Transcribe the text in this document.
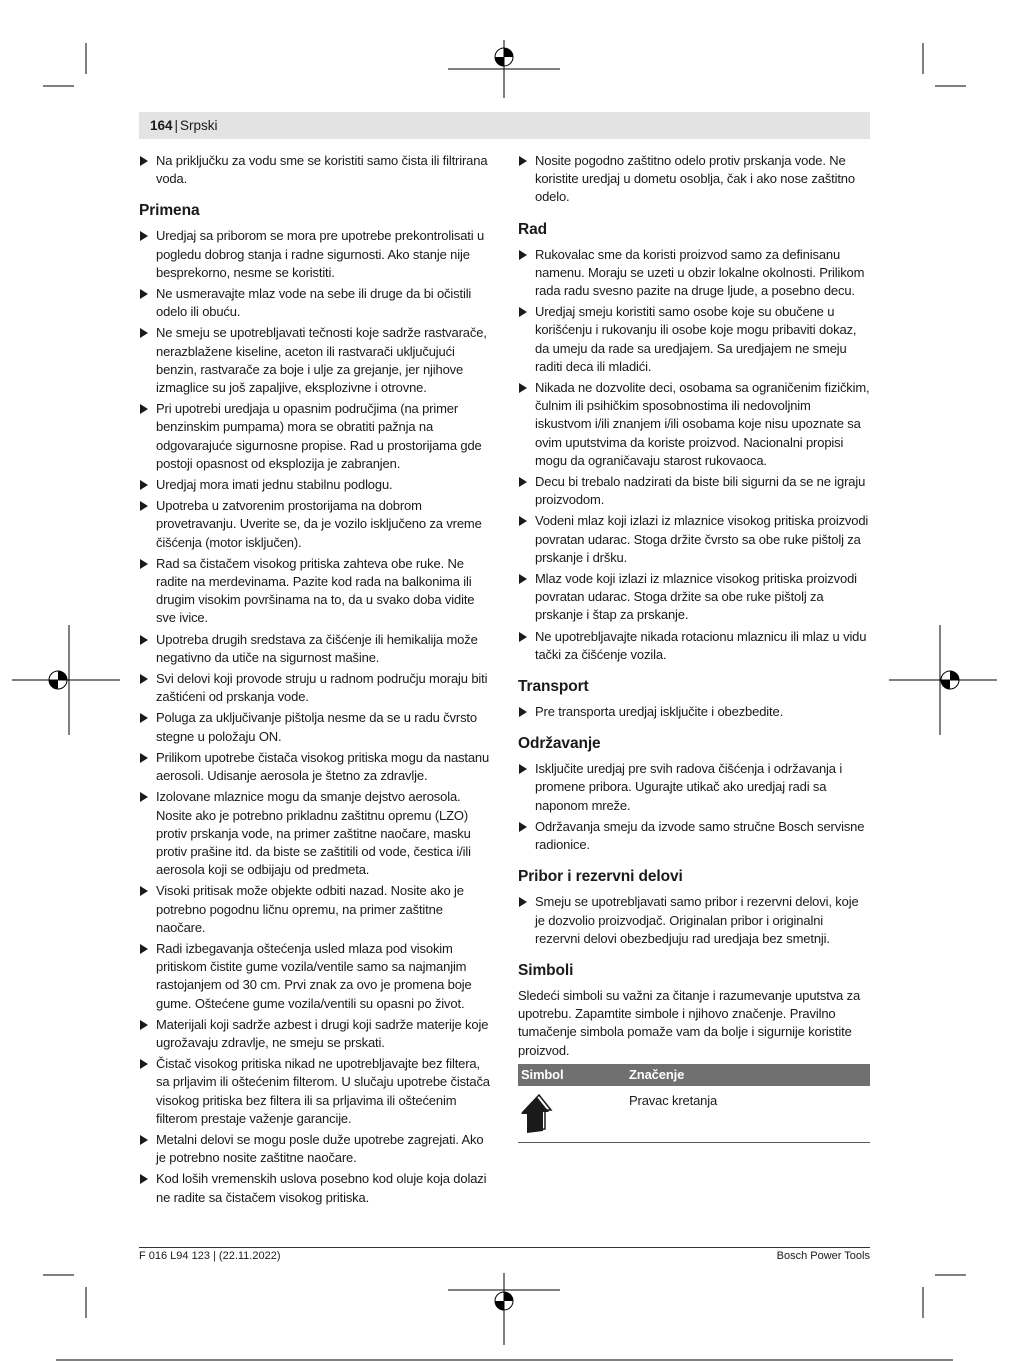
164 | Srpski
Na priključku za vodu sme se koristiti samo čista ili filtrirana voda.
Primena
Uredjaj sa priborom se mora pre upotrebe prekontrolisati u pogledu dobrog stanja i radne sigurnosti. Ako stanje nije besprekorno, nesme se koristiti.
Ne usmeravajte mlaz vode na sebe ili druge da bi očistili odelo ili obuću.
Ne smeju se upotrebljavati tečnosti koje sadrže rastvarače, nerazblažene kiseline, aceton ili rastvarači uključujući benzin, rastvarače za boje i ulje za grejanje, jer njihove izmaglice su još zapaljive, eksplozivne i otrovne.
Pri upotrebi uredjaja u opasnim područjima (na primer benzinskim pumpama) mora se obratiti pažnja na odgovarajuće sigurnosne propise. Rad u prostorijama gde postoji opasnost od eksplozija je zabranjen.
Uredjaj mora imati jednu stabilnu podlogu.
Upotreba u zatvorenim prostorijama na dobrom provetravanju. Uverite se, da je vozilo isključeno za vreme čišćenja (motor isključen).
Rad sa čistačem visokog pritiska zahteva obe ruke. Ne radite na merdevinama. Pazite kod rada na balkonima ili drugim visokim površinama na to, da u svako doba vidite sve ivice.
Upotreba drugih sredstava za čišćenje ili hemikalija može negativno da utiče na sigurnost mašine.
Svi delovi koji provode struju u radnom području moraju biti zaštićeni od prskanja vode.
Poluga za uključivanje pištolja nesme da se u radu čvrsto stegne u položaju ON.
Prilikom upotrebe čistača visokog pritiska mogu da nastanu aerosoli. Udisanje aerosola je štetno za zdravlje.
Izolovane mlaznice mogu da smanje dejstvo aerosola. Nosite ako je potrebno prikladnu zaštitnu opremu (LZO) protiv prskanja vode, na primer zaštitne naočare, masku protiv prašine itd. da biste se zaštitili od vode, čestica i/ili aerosola koji se odbijaju od predmeta.
Visoki pritisak može objekte odbiti nazad. Nosite ako je potrebno pogodnu ličnu opremu, na primer zaštitne naočare.
Radi izbegavanja oštećenja usled mlaza pod visokim pritiskom čistite gume vozila/ventile samo sa najmanjim rastojanjem od 30 cm. Prvi znak za ovo je promena boje gume. Oštećene gume vozila/ventili su opasni po život.
Materijali koji sadrže azbest i drugi koji sadrže materije koje ugrožavaju zdravlje, ne smeju se prskati.
Čistač visokog pritiska nikad ne upotrebljavajte bez filtera, sa prljavim ili oštećenim filterom. U slučaju upotrebe čistača visokog pritiska bez filtera ili sa prljavima ili oštećenim filterom prestaje važenje garancije.
Metalni delovi se mogu posle duže upotrebe zagrejati. Ako je potrebno nosite zaštitne naočare.
Kod loših vremenskih uslova posebno kod oluje koja dolazi ne radite sa čistačem visokog pritiska.
Nosite pogodno zaštitno odelo protiv prskanja vode. Ne koristite uredjaj u dometu osoblja, čak i ako nose zaštitno odelo.
Rad
Rukovalac sme da koristi proizvod samo za definisanu namenu. Moraju se uzeti u obzir lokalne okolnosti. Prilikom rada radu svesno pazite na druge ljude, a posebno decu.
Uredjaj smeju koristiti samo osobe koje su obučene u korišćenju i rukovanju ili osobe koje mogu pribaviti dokaz, da umeju da rade sa uredjajem. Sa uredjajem ne smeju raditi deca ili mladići.
Nikada ne dozvolite deci, osobama sa ograničenim fizičkim, čulnim ili psihičkim sposobnostima ili nedovoljnim iskustvom i/ili znanjem i/ili osobama koje nisu upoznate sa ovim uputstvima da koriste proizvod. Nacionalni propisi mogu da ograničavaju starost rukovaoca.
Decu bi trebalo nadzirati da biste bili sigurni da se ne igraju proizvodom.
Vodeni mlaz koji izlazi iz mlaznice visokog pritiska proizvodi povratan udarac. Stoga držite čvrsto sa obe ruke pištolj za prskanje i dršku.
Mlaz vode koji izlazi iz mlaznice visokog pritiska proizvodi povratan udarac. Stoga držite sa obe ruke pištolj za prskanje i štap za prskanje.
Ne upotrebljavajte nikada rotacionu mlaznicu ili mlaz u vidu tački za čišćenje vozila.
Transport
Pre transporta uredjaj isključite i obezbedite.
Održavanje
Isključite uredjaj pre svih radova čišćenja i održavanja i promene pribora. Ugurajte utikač ako uredjaj radi sa naponom mreže.
Održavanja smeju da izvode samo stručne Bosch servisne radionice.
Pribor i rezervni delovi
Smeju se upotrebljavati samo pribor i rezervni delovi, koje je dozvolio proizvodjač. Originalan pribor i originalni rezervni delovi obezbedjuju rad uredjaja bez smetnji.
Simboli

Sledeći simboli su važni za čitanje i razumevanje uputstva za upotrebu. Zapamtite simbole i njihovo značenje. Pravilno tumačenje simbola pomaže vam da bolje i sigurnije koristite proizvod.

Simbol	Značenje
	Pravac kretanja
F 016 L94 123 | (22.11.2022)	Bosch Power Tools
